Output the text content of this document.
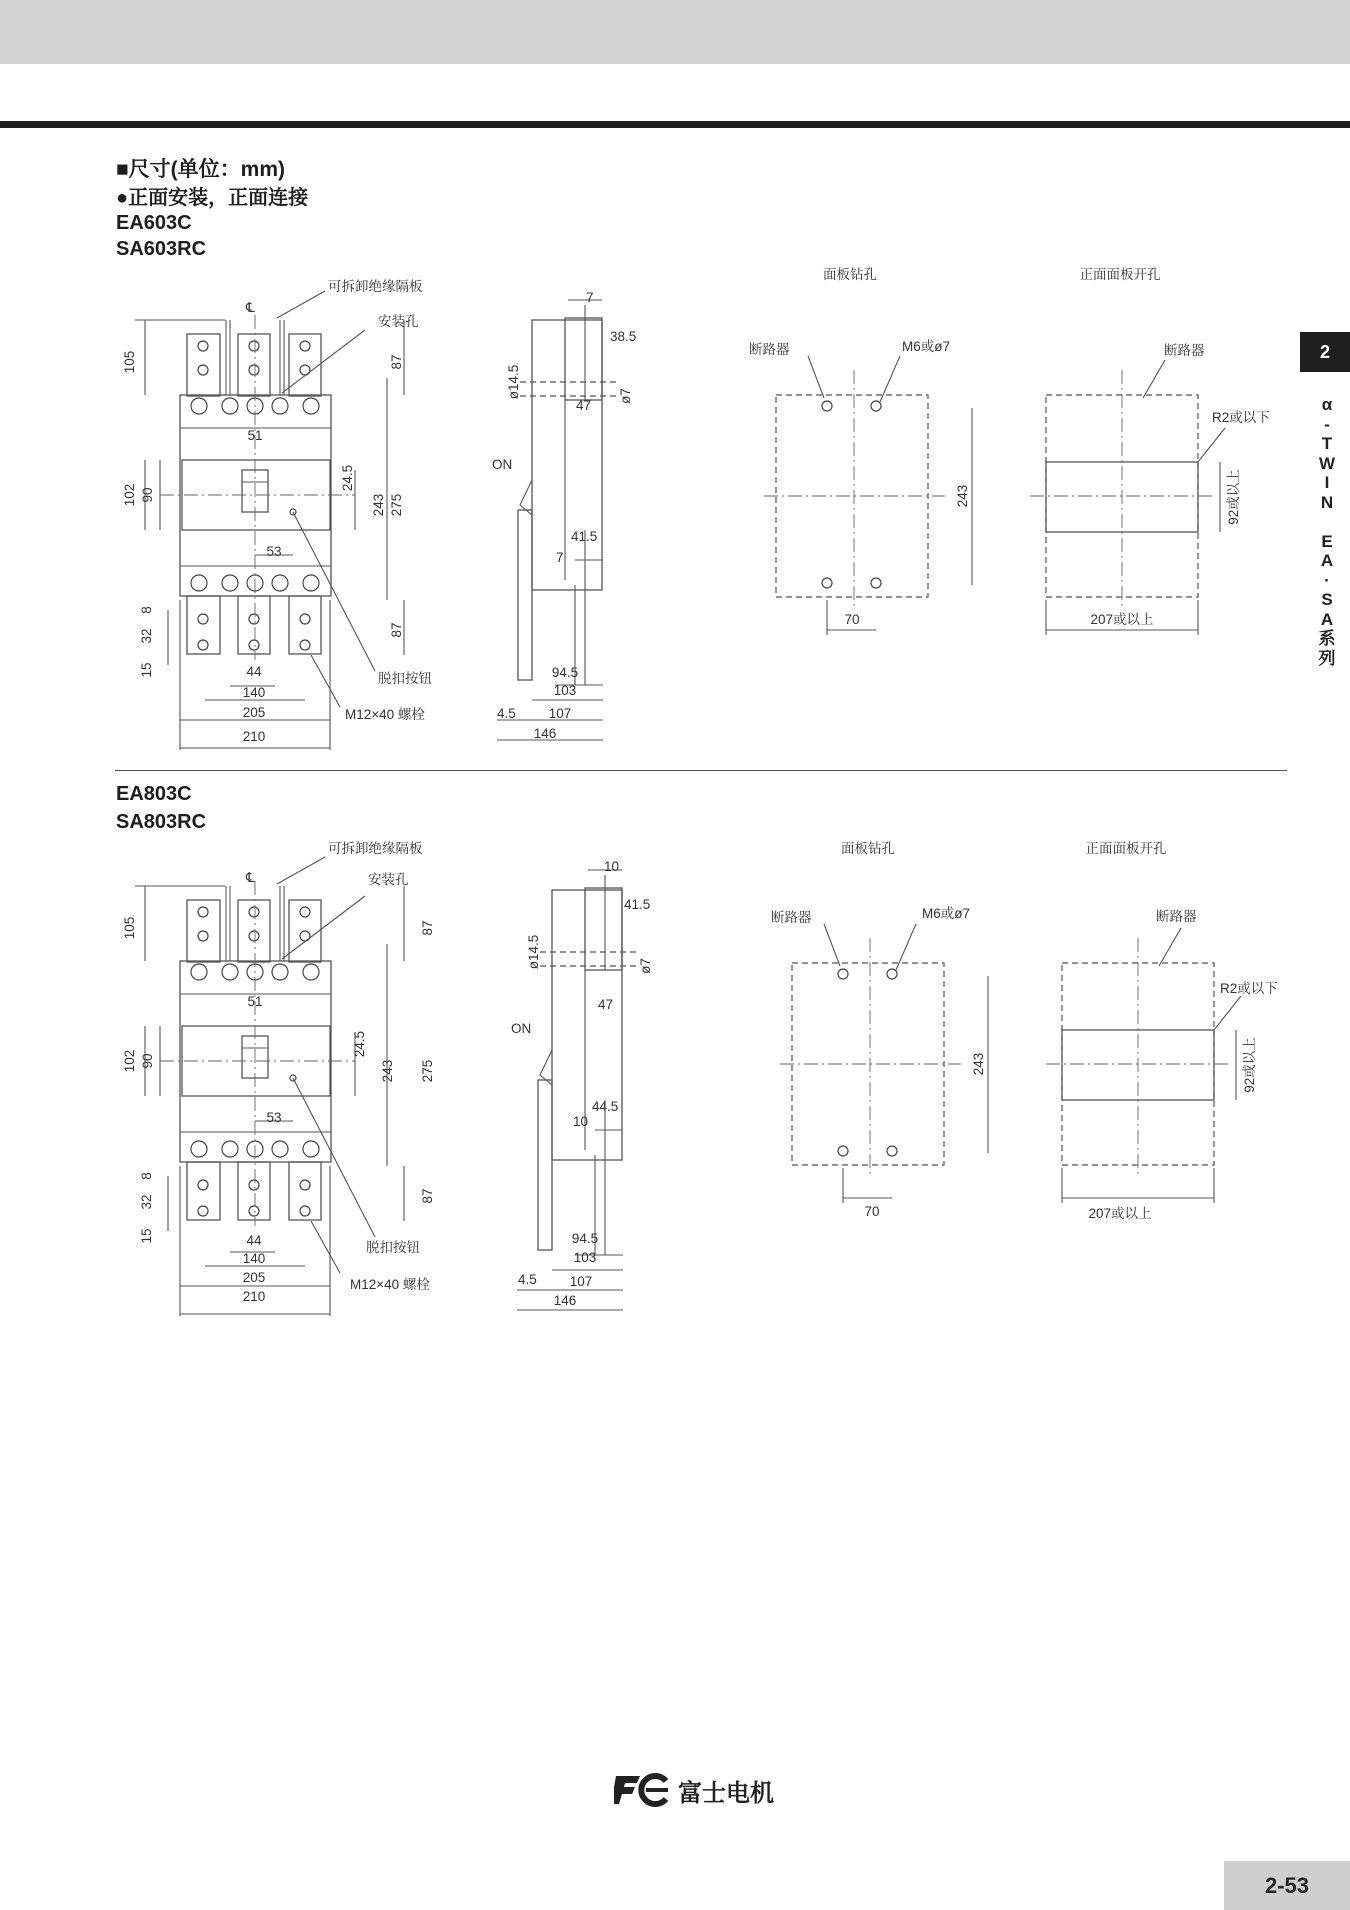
■尺寸(单位：mm)
●正面安装，正面连接
EA603C
SA603RC
EA803C
SA803RC
2
α
-
T
W
I
N

E
A
·
S
A
系
列
可拆卸绝缘隔板
安装孔
脱扣按钮
M12×40 螺栓
℄
105	87
51
102 90
24.5
243 275
53
8
32
15
87
44
140
205
210
7
38.5
ø14.5	ø7
47
ON
41.5
7
94.5
103
4.5 107
146
面板钻孔
断路器	M6或ø7
243
70
正面面板开孔
断路器
R2或以下
92或以上
207或以上
可拆卸绝缘隔板
安装孔
脱扣按钮
M12×40 螺栓
℄
105	87
51
102 90
24.5
243 275
53
8
32
15
87
44
140
205
210
10
41.5
ø14.5	ø7
47
ON
44.5
10
94.5
103
4.5 107
146
面板钻孔
断路器	M6或ø7
243
70
正面面板开孔
断路器
R2或以下
92或以上
207或以上
富士电机
2-53
